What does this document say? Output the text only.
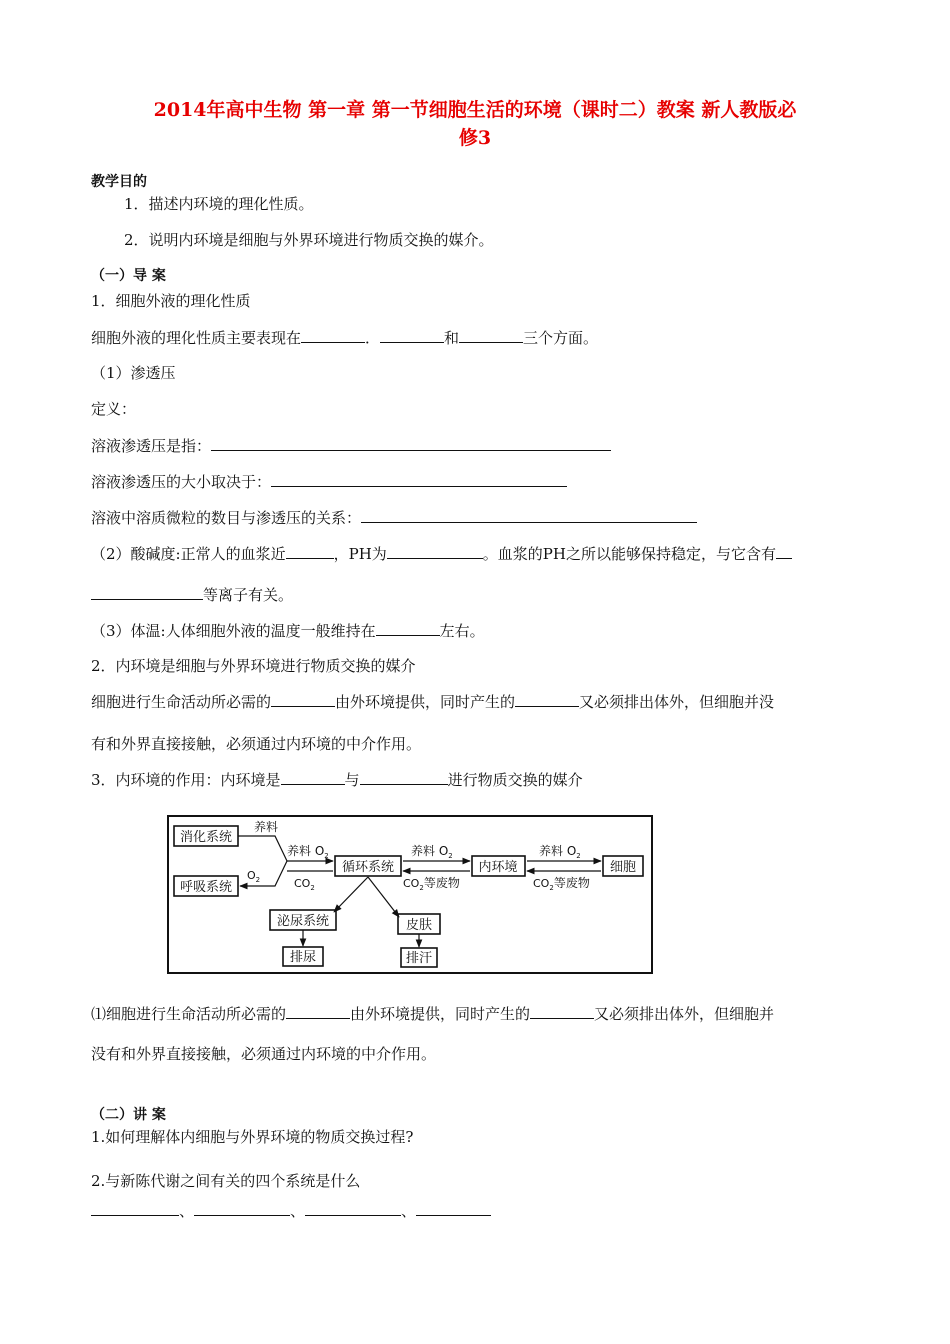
2014年高中生物 第一章 第一节细胞生活的环境（课时二）教案 新人教版必
修3
教学目的
1．描述内环境的理化性质。
2．说明内环境是细胞与外界环境进行物质交换的媒介。
（一）导 案
1．细胞外液的理化性质
细胞外液的理化性质主要表现在	．	和	三个方面。
（1）渗透压
定义：
溶液渗透压是指：
溶液渗透压的大小取决于：
溶液中溶质微粒的数目与渗透压的关系：
（2）酸碱度:正常人的血浆近	，PH为	。血浆的PH之所以能够保持稳定，与它含有
等离子有关。
（3）体温:人体细胞外液的温度一般维持在	左右。
2．内环境是细胞与外界环境进行物质交换的媒介
细胞进行生命活动所必需的	由外环境提供，同时产生的	又必须排出体外，但细胞并没
有和外界直接接触，必须通过内环境的中介作用。
3．内环境的作用：内环境是	与	进行物质交换的媒介
消化系统
呼吸系统
循环系统	内环境	细胞
泌尿系统	皮肤
排尿	排汗
养料
$O_2$
养料 $O_2$
$CO_2$
养料 $O_2$
$CO_2$等废物
养料 $O_2$
$CO_2$等废物
⑴细胞进行生命活动所必需的	由外环境提供，同时产生的	又必须排出体外，但细胞并
没有和外界直接接触，必须通过内环境的中介作用。
（二）讲 案
1.如何理解体内细胞与外界环境的物质交换过程?
2.与新陈代谢之间有关的四个系统是什么
、	、	、
